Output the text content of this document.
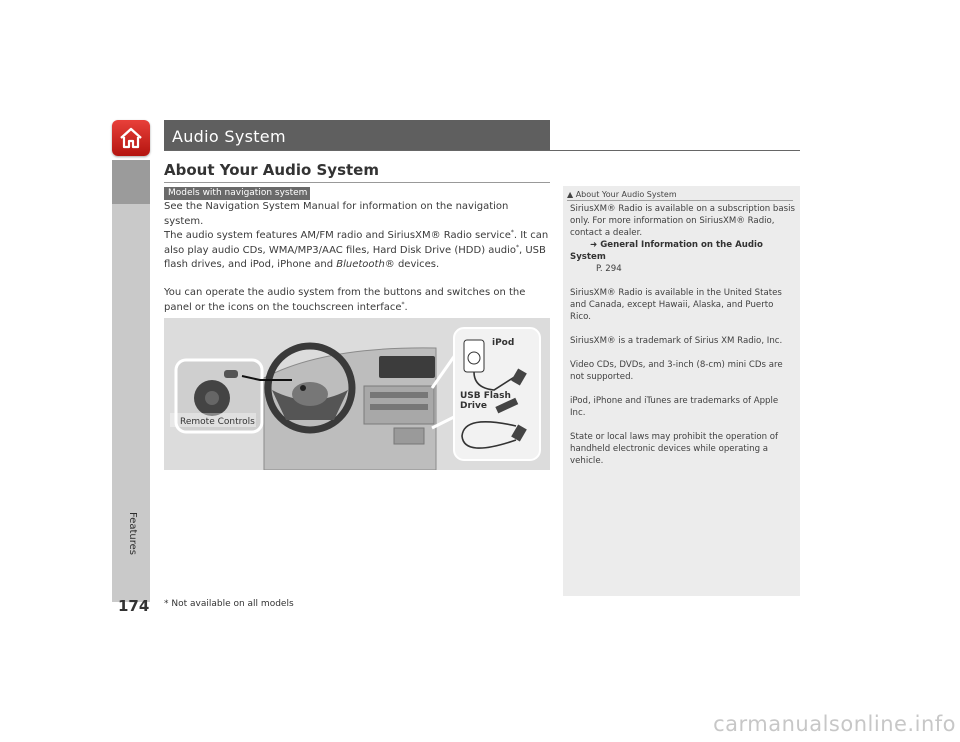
Features
174
Audio System
About Your Audio System
Models with navigation system

See the Navigation System Manual for information on the navigation system.

The audio system features AM/FM radio and SiriusXM® Radio service*. It can also play audio CDs, WMA/MP3/AAC files, Hard Disk Drive (HDD) audio*, USB flash drives, and iPod, iPhone and Bluetooth® devices.

You can operate the audio system from the buttons and switches on the panel or the icons on the touchscreen interface*.

Remote Controls
iPod
USB Flash
Drive
▲ About Your Audio System

SiriusXM® Radio is available on a subscription basis only. For more information on SiriusXM® Radio, contact a dealer.
➜ General Information on the Audio System
P. 294

SiriusXM® Radio is available in the United States and Canada, except Hawaii, Alaska, and Puerto Rico.

SiriusXM® is a trademark of Sirius XM Radio, Inc.

Video CDs, DVDs, and 3-inch (8-cm) mini CDs are not supported.

iPod, iPhone and iTunes are trademarks of Apple Inc.

State or local laws may prohibit the operation of handheld electronic devices while operating a vehicle.

* Not available on all models
carmanualsonline.info
